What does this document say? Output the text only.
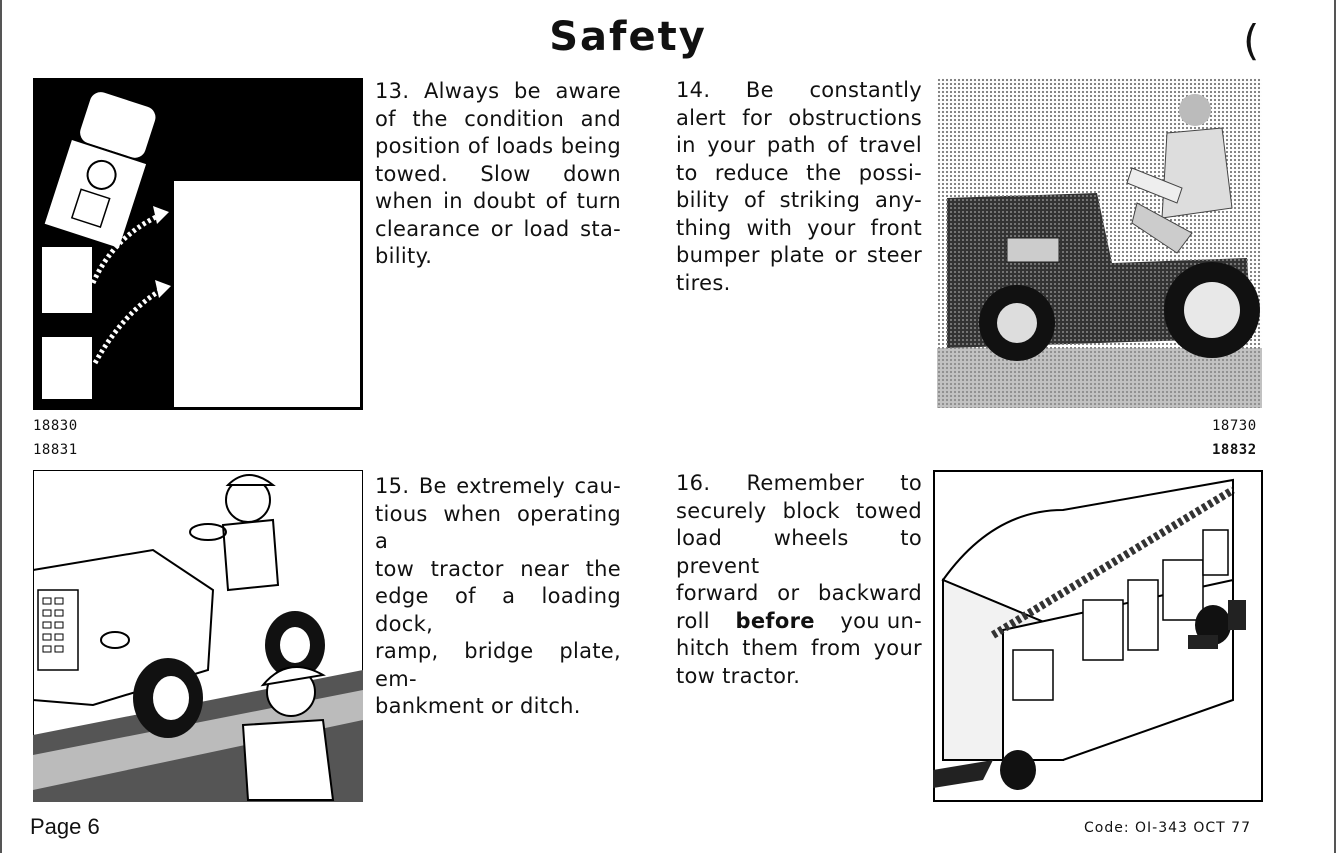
Safety	(
18830
18831
13. Always be aware
of the condition and
position of loads being
towed. Slow down
when in doubt of turn
clearance or load sta-
bility.
14. Be constantly
alert for obstructions
in your path of travel
to reduce the possi-
bility of striking any-
thing with your front
bumper plate or steer
tires.
18730
18832
15. Be extremely cau-
tious when operating a
tow tractor near the
edge of a loading dock,
ramp, bridge plate, em-
bankment or ditch.
16. Remember to
securely block towed
load wheels to prevent
forward or backward
roll before you un-
hitch them from your
tow tractor.
Page 6	Code: OI-343 OCT 77
